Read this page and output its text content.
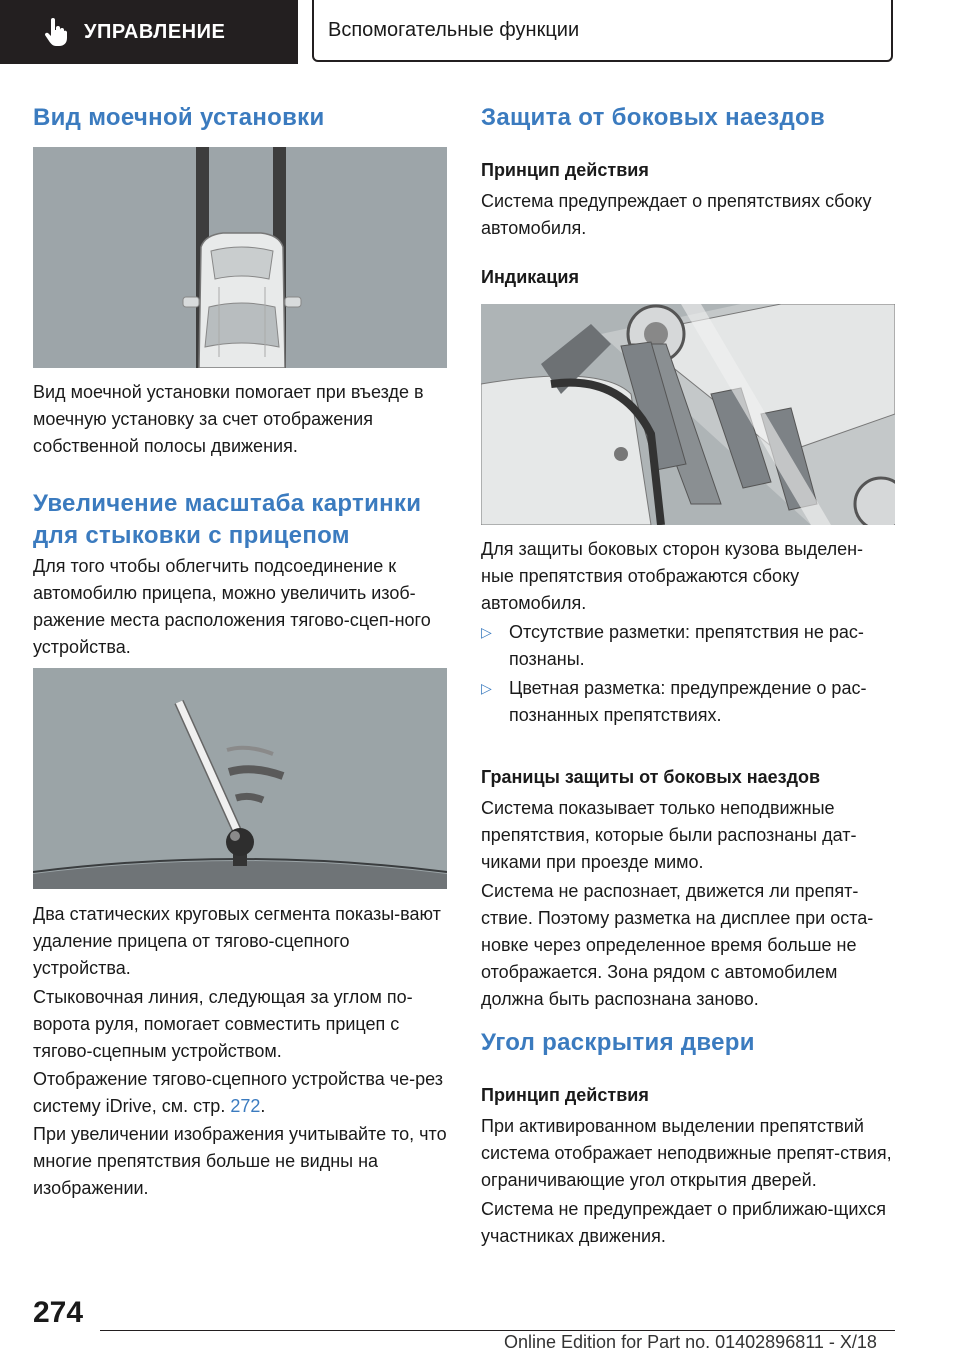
УПРАВЛЕНИЕ	Вспомогательные функции
Вид моечной установки

Вид моечной установки помогает при въезде в моечную установку за счет отображения собственной полосы движения.

Увеличение масштаба картинки для стыковки с прицепом

Для того чтобы облегчить подсоединение к автомобилю прицепа, можно увеличить изоб-ражение места расположения тягово-сцеп-ного устройства.

Два статических круговых сегмента показы-вают удаление прицепа от тягово-сцепного устройства.

Стыковочная линия, следующая за углом по-ворота руля, помогает совместить прицеп с тягово-сцепным устройством.

Отображение тягово-сцепного устройства че-рез систему iDrive, см. стр. 272.

При увеличении изображения учитывайте то, что многие препятствия больше не видны на изображении.

Защита от боковых наездов
Принцип действия

Система предупреждает о препятствиях сбоку автомобиля.

Индикация

Для защиты боковых сторон кузова выделен-ные препятствия отображаются сбоку автомобиля.

▷ Отсутствие разметки: препятствия не рас-познаны.
▷ Цветная разметка: предупреждение о рас-познанных препятствиях.
Границы защиты от боковых наездов

Система показывает только неподвижные препятствия, которые были распознаны дат-чиками при проезде мимо.

Система не распознает, движется ли препят-ствие. Поэтому разметка на дисплее при оста-новке через определенное время больше не отображается. Зона рядом с автомобилем должна быть распознана заново.

Угол раскрытия двери
Принцип действия

При активированном выделении препятствий система отображает неподвижные препят-ствия, ограничивающие угол открытия дверей.

Система не предупреждает о приближаю-щихся участниках движения.

274
Online Edition for Part no. 01402896811 - X/18
